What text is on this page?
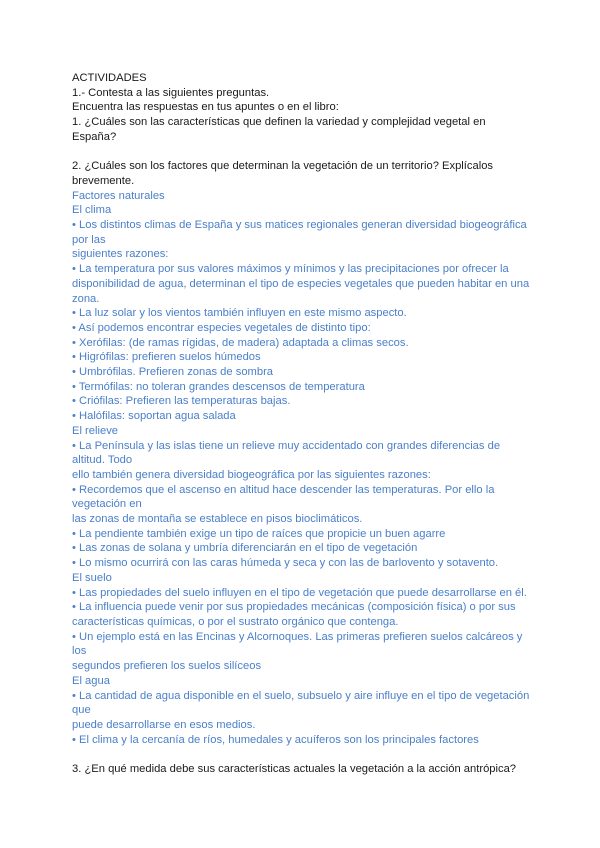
ACTIVIDADES
1.- Contesta a las siguientes preguntas.
Encuentra las respuestas en tus apuntes o en el libro:
1. ¿Cuáles son las características que definen la variedad y complejidad vegetal en
España?
2. ¿Cuáles son los factores que determinan la vegetación de un territorio? Explícalos
brevemente.
Factores naturales
El clima
• Los distintos climas de España y sus matices regionales generan diversidad biogeográfica
por las
siguientes razones:
• La temperatura por sus valores máximos y mínimos y las precipitaciones por ofrecer la
disponibilidad de agua, determinan el tipo de especies vegetales que pueden habitar en una
zona.
• La luz solar y los vientos también influyen en este mismo aspecto.
• Así podemos encontrar especies vegetales de distinto tipo:
• Xerófilas: (de ramas rígidas, de madera) adaptada a climas secos.
• Higrófilas: prefieren suelos húmedos
• Umbrófilas. Prefieren zonas de sombra
• Termófilas: no toleran grandes descensos de temperatura
• Criófilas: Prefieren las temperaturas bajas.
• Halófilas: soportan agua salada
El relieve
• La Península y las islas tiene un relieve muy accidentado con grandes diferencias de
altitud. Todo
ello también genera diversidad biogeográfica por las siguientes razones:
• Recordemos que el ascenso en altitud hace descender las temperaturas. Por ello la
vegetación en
las zonas de montaña se establece en pisos bioclimáticos.
• La pendiente también exige un tipo de raíces que propicie un buen agarre
• Las zonas de solana y umbría diferenciarán en el tipo de vegetación
• Lo mismo ocurrirá con las caras húmeda y seca y con las de barlovento y sotavento.
El suelo
• Las propiedades del suelo influyen en el tipo de vegetación que puede desarrollarse en él.
• La influencia puede venir por sus propiedades mecánicas (composición física) o por sus
características químicas, o por el sustrato orgánico que contenga.
• Un ejemplo está en las Encinas y Alcornoques. Las primeras prefieren suelos calcáreos y
los
segundos prefieren los suelos silíceos
El agua
• La cantidad de agua disponible en el suelo, subsuelo y aire influye en el tipo de vegetación
que
puede desarrollarse en esos medios.
• El clima y la cercanía de ríos, humedales y acuíferos son los principales factores
3. ¿En qué medida debe sus características actuales la vegetación a la acción antrópica?
